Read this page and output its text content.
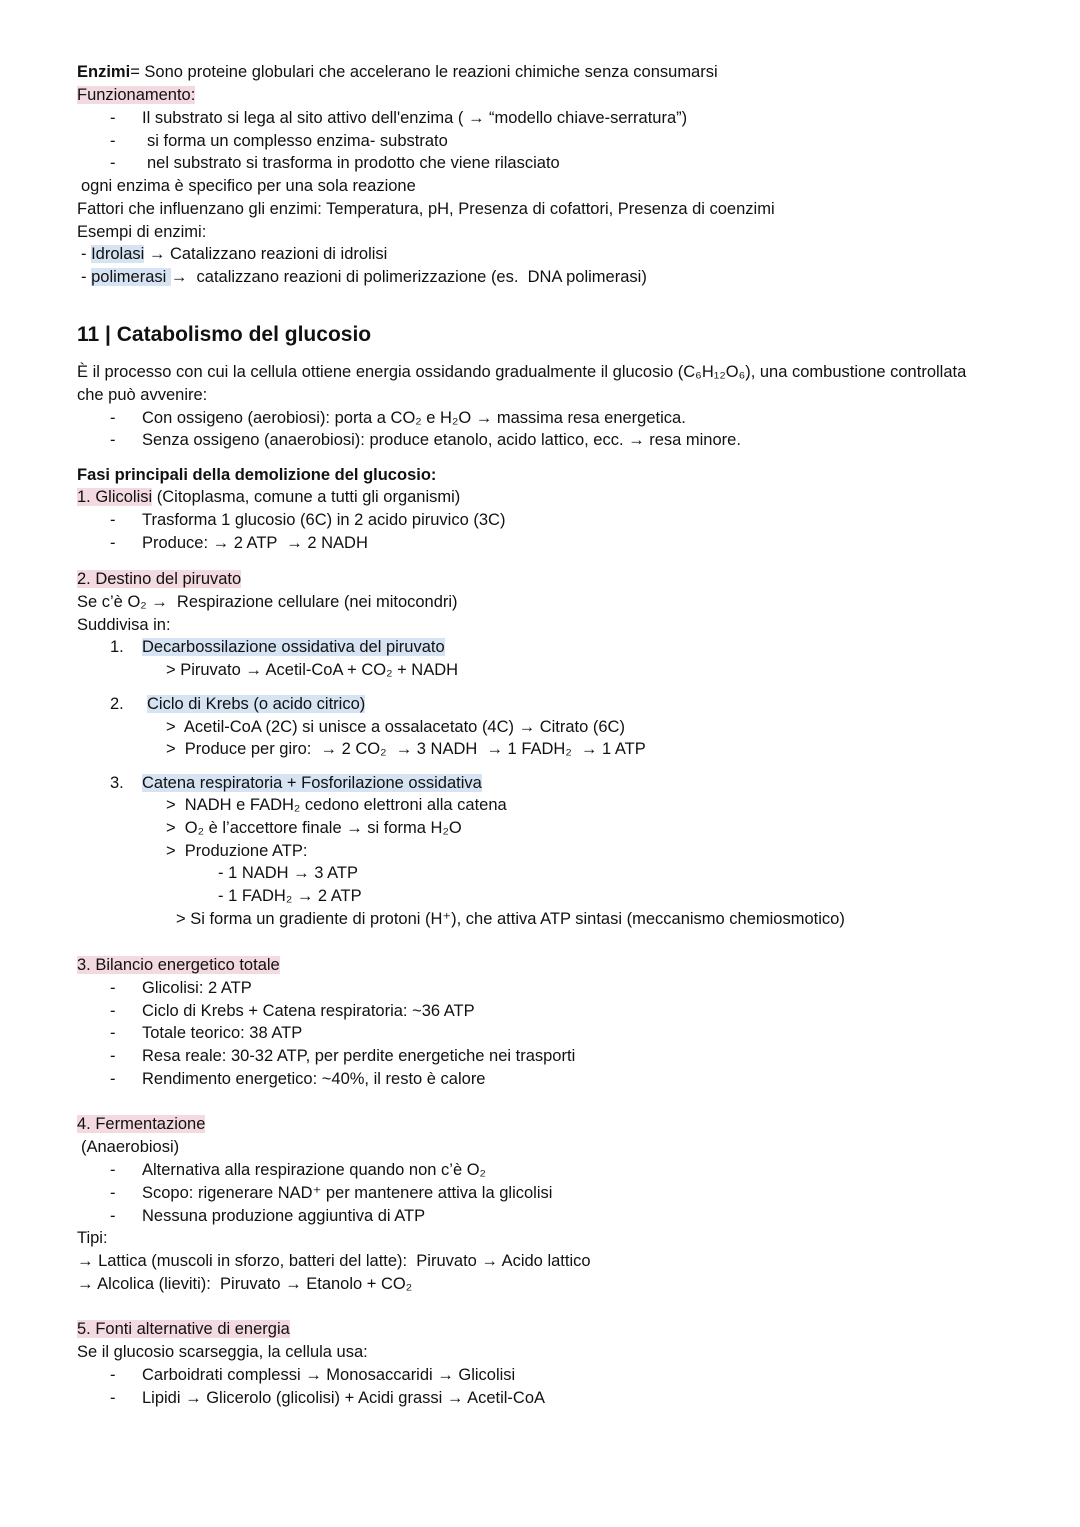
Enzimi= Sono proteine globulari che accelerano le reazioni chimiche senza consumarsi
Funzionamento:
- Il substrato si lega al sito attivo dell'enzima ( → “modello chiave-serratura”)
- si forma un complesso enzima- substrato
- nel substrato si trasforma in prodotto che viene rilasciato
ogni enzima è specifico per una sola reazione
Fattori che influenzano gli enzimi: Temperatura, pH, Presenza di cofattori, Presenza di coenzimi
Esempi di enzimi:
- Idrolasi → Catalizzano reazioni di idrolisi
- polimerasi →  catalizzano reazioni di polimerizzazione (es.  DNA polimerasi)
11 | Catabolismo del glucosio
È il processo con cui la cellula ottiene energia ossidando gradualmente il glucosio (C₆H₁₂O₆), una combustione controllata
che può avvenire:
- Con ossigeno (aerobiosi): porta a CO₂ e H₂O → massima resa energetica.
- Senza ossigeno (anaerobiosi): produce etanolo, acido lattico, ecc. → resa minore.
Fasi principali della demolizione del glucosio:
1. Glicolisi (Citoplasma, comune a tutti gli organismi)
- Trasforma 1 glucosio (6C) in 2 acido piruvico (3C)
- Produce: → 2 ATP  → 2 NADH
2. Destino del piruvato
Se c’è O₂ →  Respirazione cellulare (nei mitocondri)
Suddivisa in:
1. Decarbossilazione ossidativa del piruvato
> Piruvato → Acetil-CoA + CO₂ + NADH
2. Ciclo di Krebs (o acido citrico)
>  Acetil-CoA (2C) si unisce a ossalacetato (4C) → Citrato (6C)
>  Produce per giro:  → 2 CO₂  → 3 NADH  → 1 FADH₂  → 1 ATP
3. Catena respiratoria + Fosforilazione ossidativa
>  NADH e FADH₂ cedono elettroni alla catena
>  O₂ è l’accettore finale → si forma H₂O
>  Produzione ATP:
- 1 NADH → 3 ATP
- 1 FADH₂ → 2 ATP
> Si forma un gradiente di protoni (H⁺), che attiva ATP sintasi (meccanismo chemiosmotico)
3. Bilancio energetico totale
- Glicolisi: 2 ATP
- Ciclo di Krebs + Catena respiratoria: ~36 ATP
- Totale teorico: 38 ATP
- Resa reale: 30-32 ATP, per perdite energetiche nei trasporti
- Rendimento energetico: ~40%, il resto è calore
4. Fermentazione
(Anaerobiosi)
- Alternativa alla respirazione quando non c’è O₂
- Scopo: rigenerare NAD⁺ per mantenere attiva la glicolisi
- Nessuna produzione aggiuntiva di ATP
Tipi:
→ Lattica (muscoli in sforzo, batteri del latte):  Piruvato → Acido lattico
→ Alcolica (lieviti):  Piruvato → Etanolo + CO₂
5. Fonti alternative di energia
Se il glucosio scarseggia, la cellula usa:
- Carboidrati complessi → Monosaccaridi → Glicolisi
- Lipidi → Glicerolo (glicolisi) + Acidi grassi → Acetil-CoA
